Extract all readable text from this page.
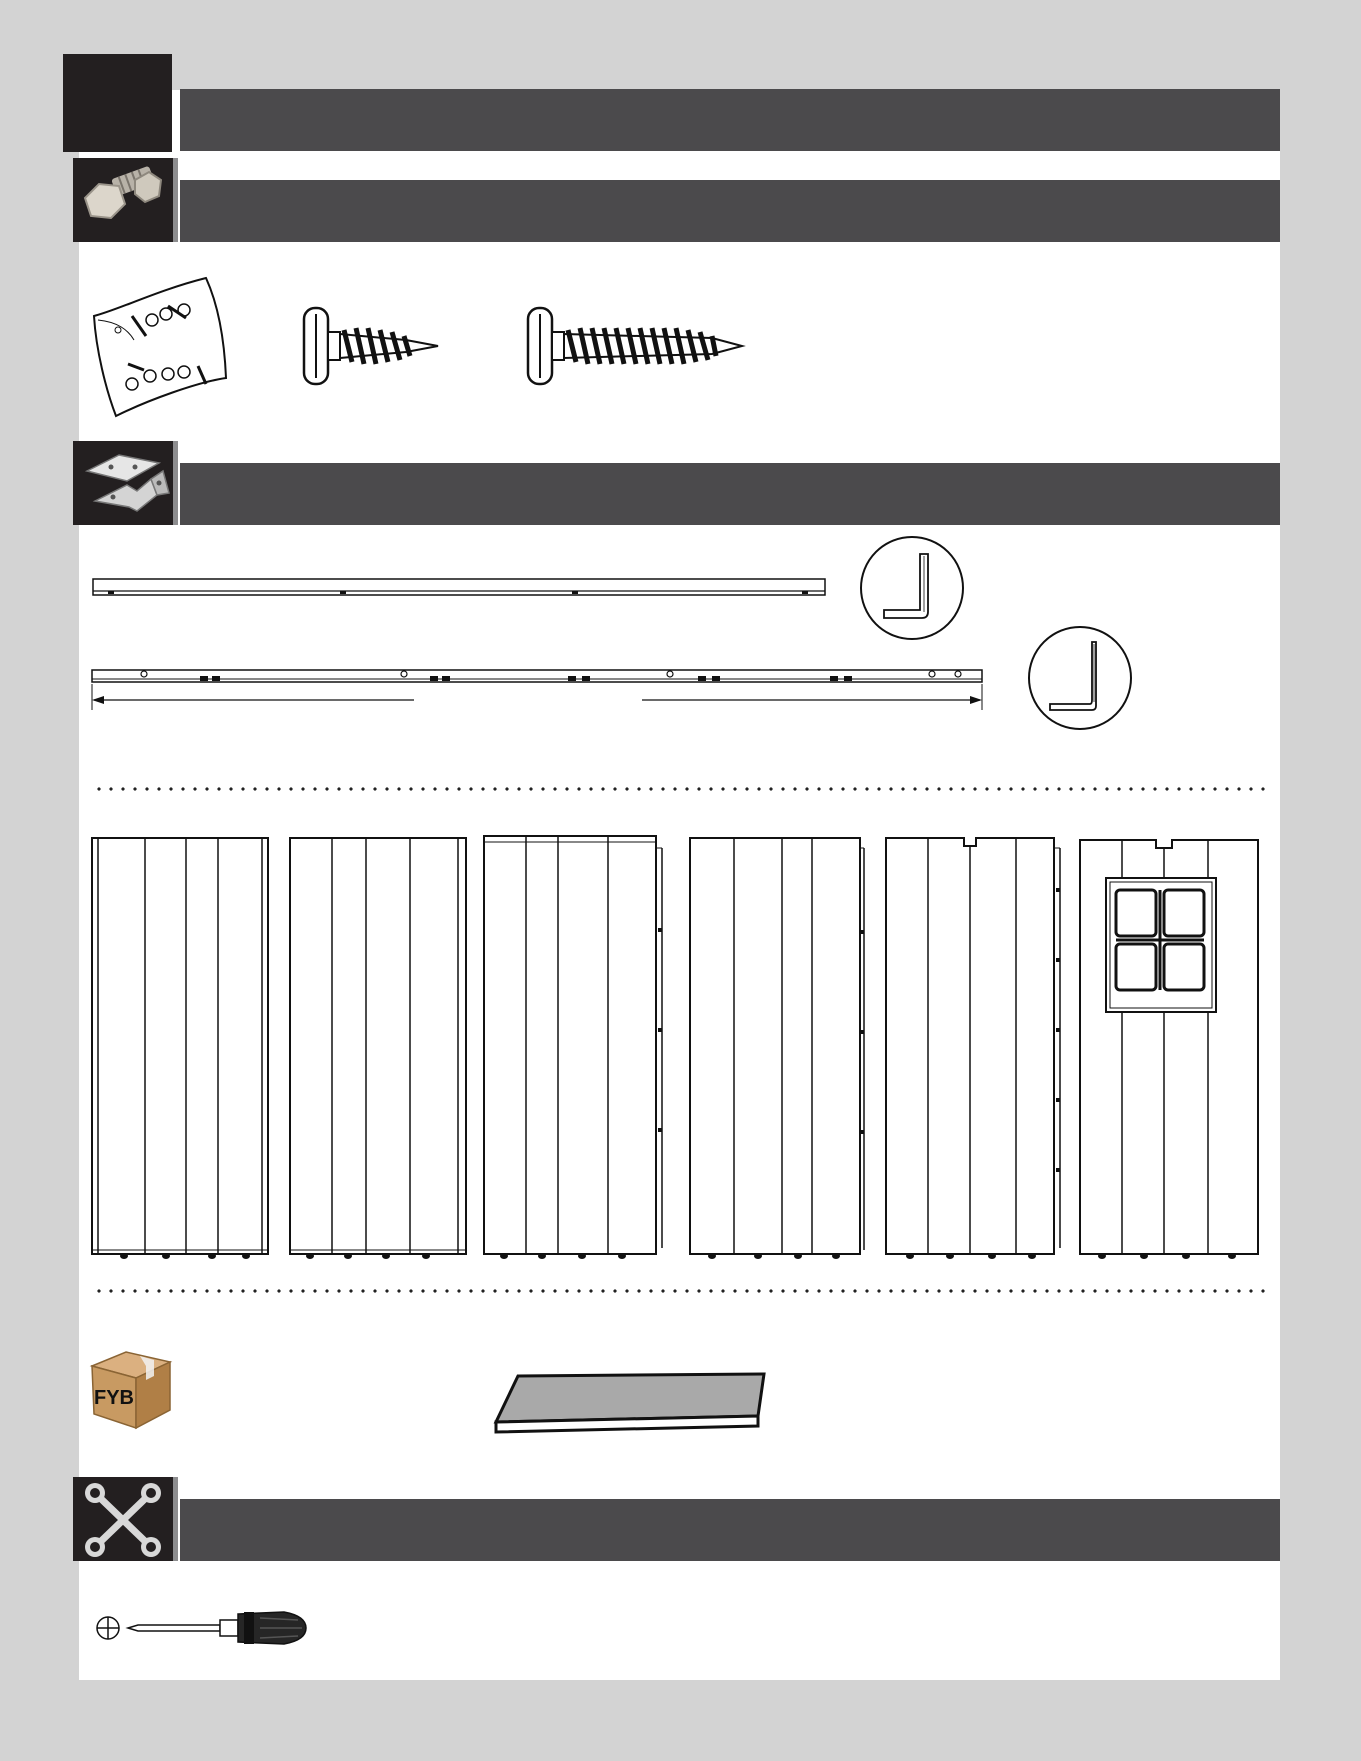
FYB
